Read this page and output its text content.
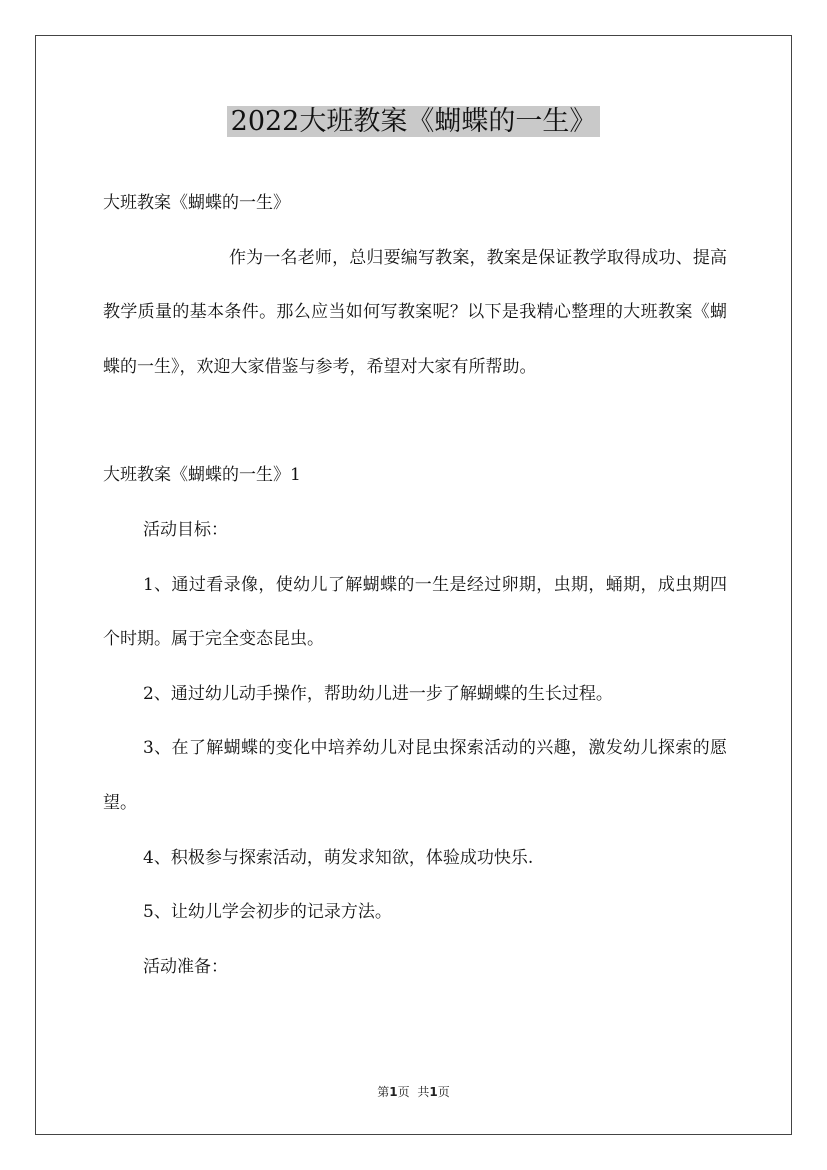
2022大班教案《蝴蝶的一生》

大班教案《蝴蝶的一生》

作为一名老师，总归要编写教案，教案是保证教学取得成功、提高教学质量的基本条件。那么应当如何写教案呢？以下是我精心整理的大班教案《蝴蝶的一生》，欢迎大家借鉴与参考，希望对大家有所帮助。

大班教案《蝴蝶的一生》1

活动目标：

1、通过看录像，使幼儿了解蝴蝶的一生是经过卵期，虫期，蛹期，成虫期四个时期。属于完全变态昆虫。

2、通过幼儿动手操作，帮助幼儿进一步了解蝴蝶的生长过程。

3、在了解蝴蝶的变化中培养幼儿对昆虫探索活动的兴趣，激发幼儿探索的愿望。

4、积极参与探索活动，萌发求知欲，体验成功快乐.

5、让幼儿学会初步的记录方法。

活动准备：

第1页 共1页
